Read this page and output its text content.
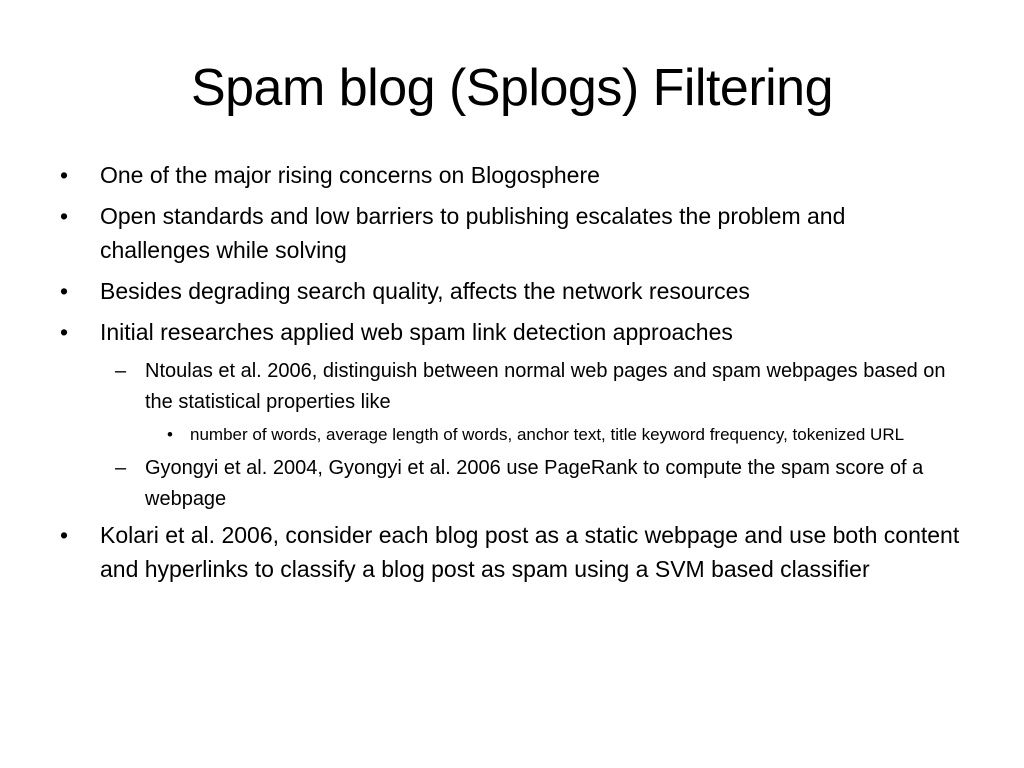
Spam blog (Splogs) Filtering
• One of the major rising concerns on Blogosphere
• Open standards and low barriers to publishing escalates the problem and challenges while solving
• Besides degrading search quality, affects the network resources
• Initial researches applied web spam link detection approaches
– Ntoulas et al. 2006, distinguish between normal web pages and spam webpages based on the statistical properties like
• number of words, average length of words, anchor text, title keyword frequency, tokenized URL
– Gyongyi et al. 2004, Gyongyi et al. 2006 use PageRank to compute the spam score of a webpage
• Kolari et al. 2006, consider each blog post as a static webpage and use both content and hyperlinks to classify a blog post as spam using a SVM based classifier
